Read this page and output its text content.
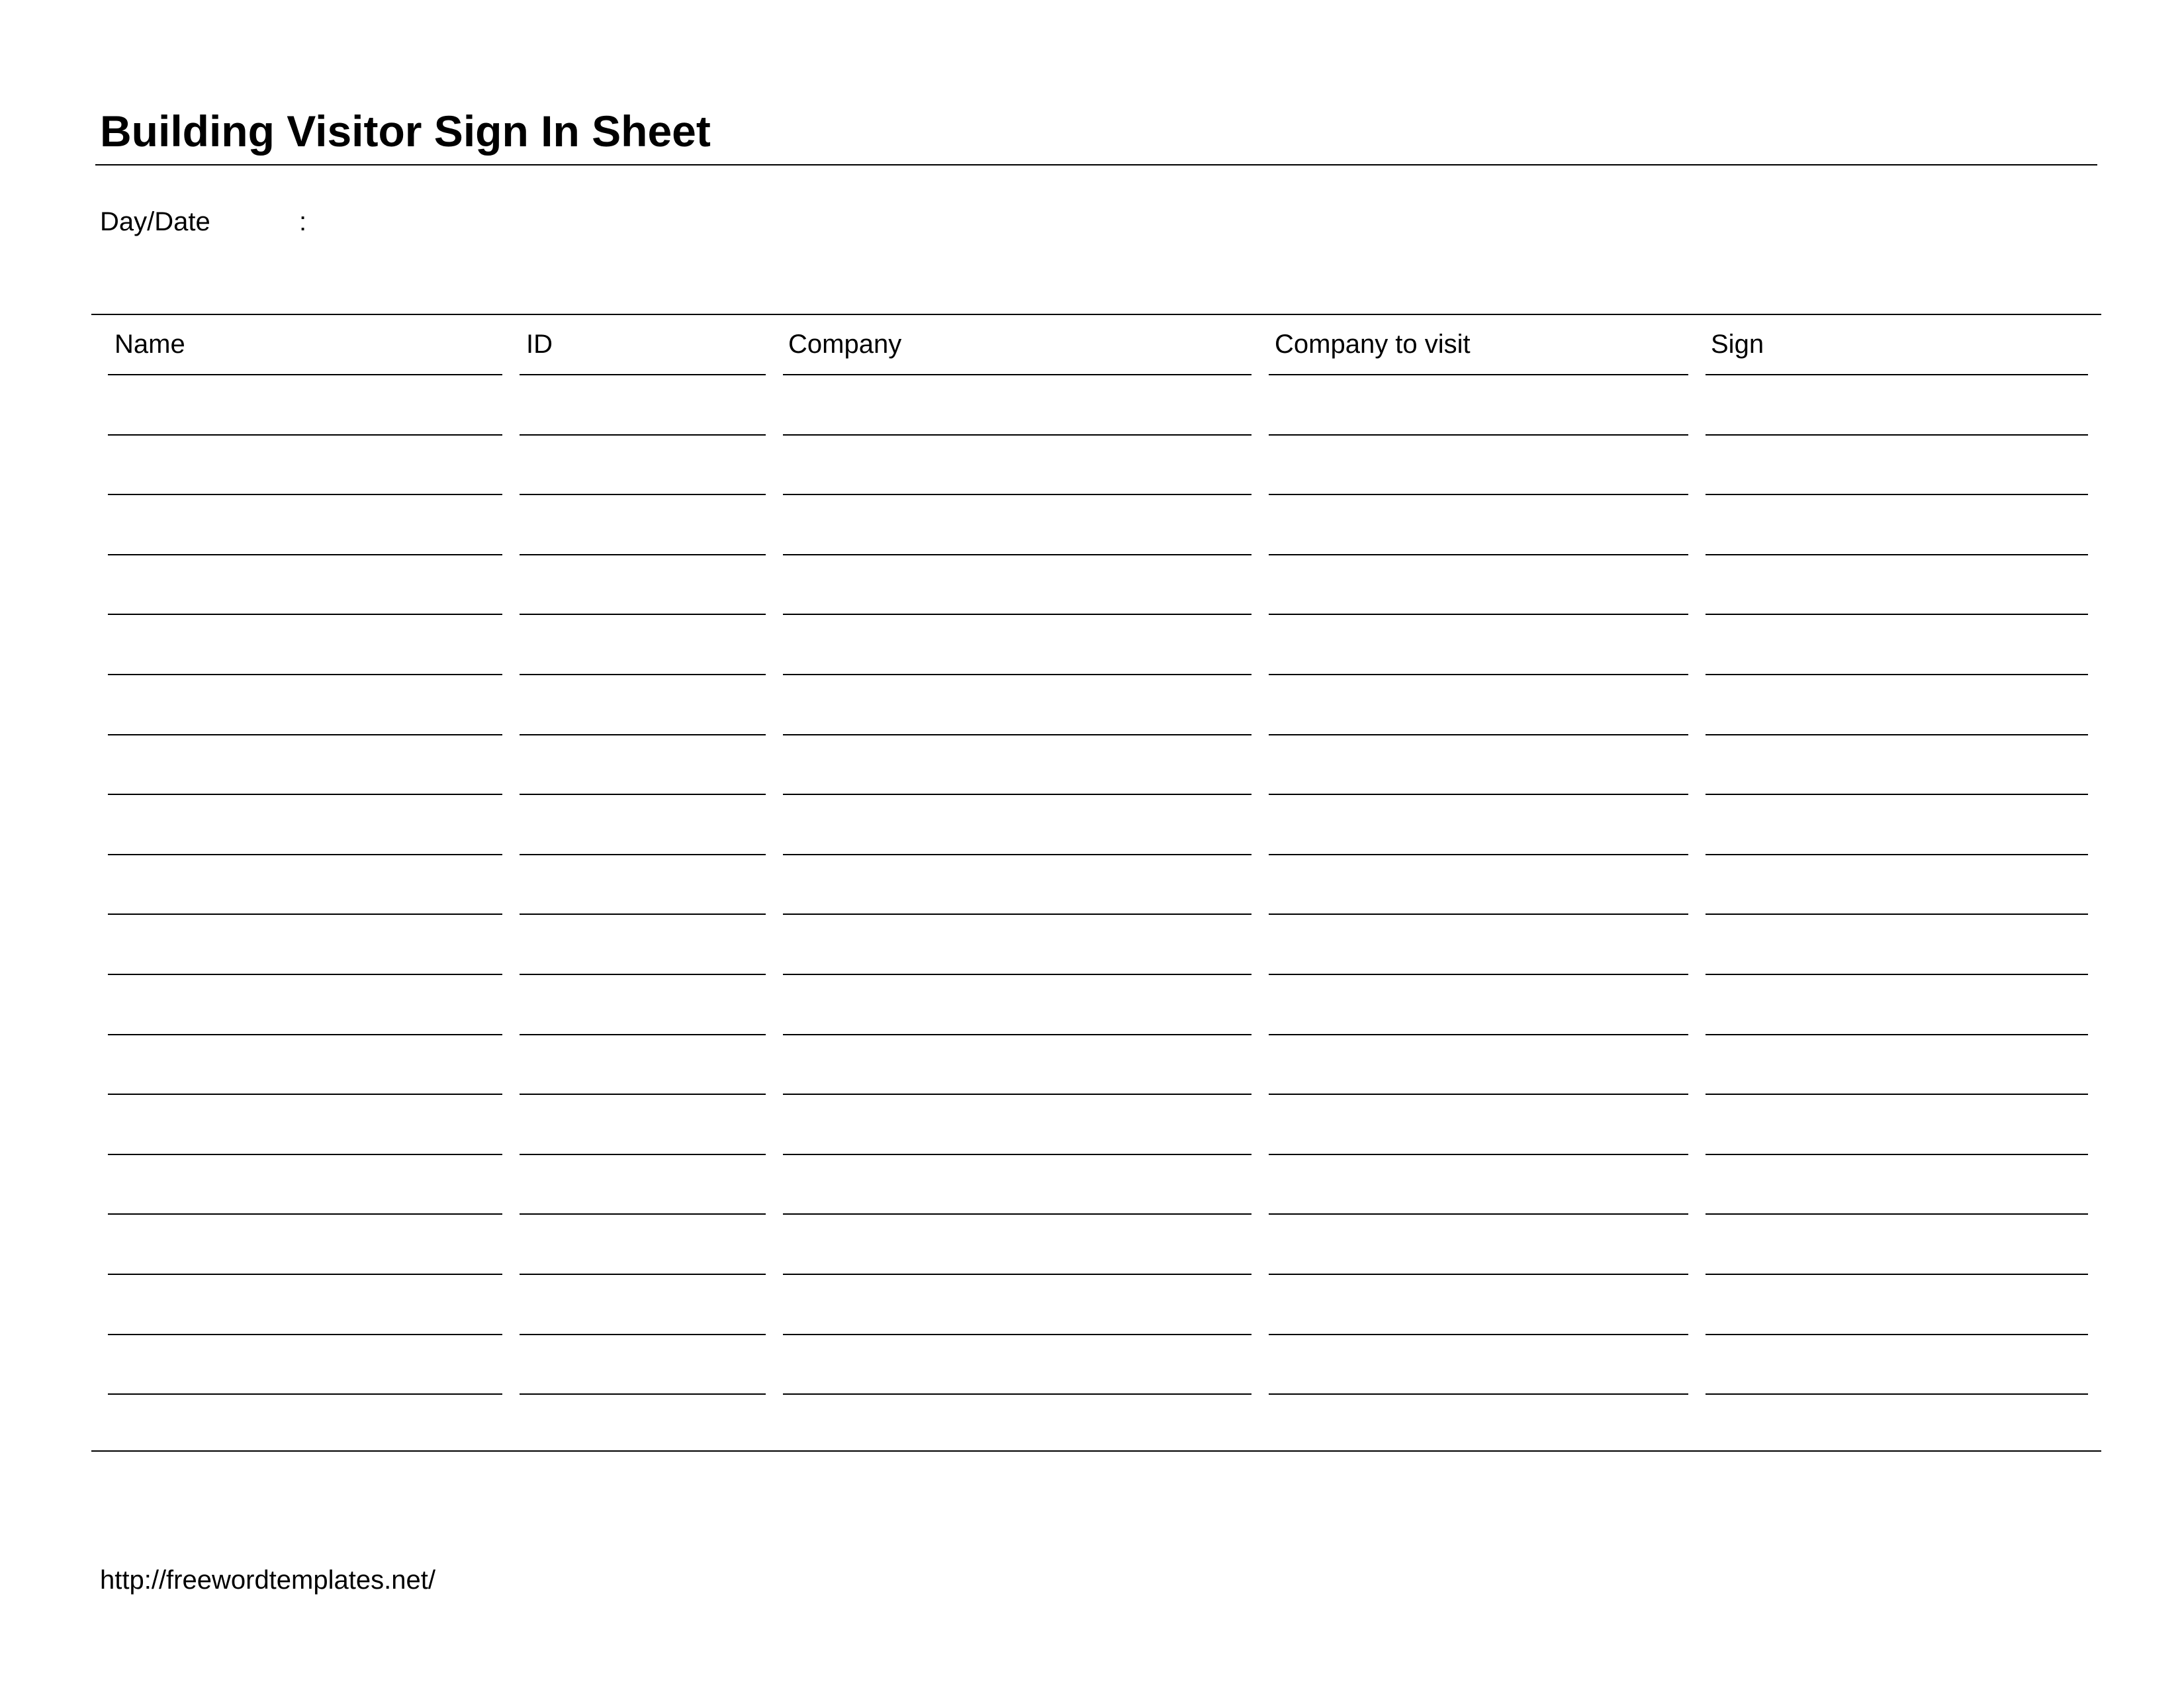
Building Visitor Sign In Sheet
Day/Date	:
Name	ID	Company	Company to visit	Sign
http://freewordtemplates.net/
